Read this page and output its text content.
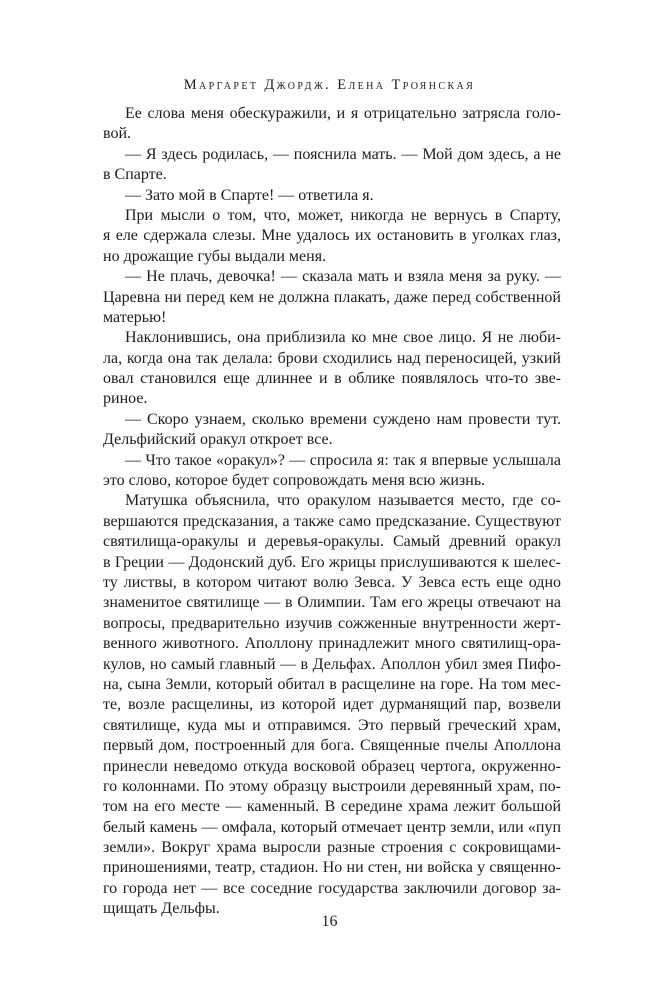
Маргарет Джордж. Елена Троянская
Ее слова меня обескуражили, и я отрицательно затрясла голо-
вой.
— Я здесь родилась, — пояснила мать. — Мой дом здесь, а не
в Спарте.
— Зато мой в Спарте! — ответила я.
При мысли о том, что, может, никогда не вернусь в Спарту,
я еле сдержала слезы. Мне удалось их остановить в уголках глаз,
но дрожащие губы выдали меня.
— Не плачь, девочка! — сказала мать и взяла меня за руку. —
Царевна ни перед кем не должна плакать, даже перед собственной
матерью!
Наклонившись, она приблизила ко мне свое лицо. Я не люби-
ла, когда она так делала: брови сходились над переносицей, узкий
овал становился еще длиннее и в облике появлялось что-то зве-
риное.
— Скоро узнаем, сколько времени суждено нам провести тут.
Дельфийский оракул откроет все.
— Что такое «оракул»? — спросила я: так я впервые услышала
это слово, которое будет сопровождать меня всю жизнь.
Матушка объяснила, что оракулом называется место, где со-
вершаются предсказания, а также само предсказание. Существуют
святилища-оракулы и деревья-оракулы. Самый древний оракул
в Греции — Додонский дуб. Его жрицы прислушиваются к шелес-
ту листвы, в котором читают волю Зевса. У Зевса есть еще одно
знаменитое святилище — в Олимпии. Там его жрецы отвечают на
вопросы, предварительно изучив сожженные внутренности жерт-
венного животного. Аполлону принадлежит много святилищ-ора-
кулов, но самый главный — в Дельфах. Аполлон убил змея Пифо-
на, сына Земли, который обитал в расщелине на горе. На том мес-
те, возле расщелины, из которой идет дурманящий пар, возвели
святилище, куда мы и отправимся. Это первый греческий храм,
первый дом, построенный для бога. Священные пчелы Аполлона
принесли неведомо откуда восковой образец чертога, окруженно-
го колоннами. По этому образцу выстроили деревянный храм, по-
том на его месте — каменный. В середине храма лежит большой
белый камень — омфала, который отмечает центр земли, или «пуп
земли». Вокруг храма выросли разные строения с сокровищами-
приношениями, театр, стадион. Но ни стен, ни войска у священно-
го города нет — все соседние государства заключили договор за-
щищать Дельфы.
16
